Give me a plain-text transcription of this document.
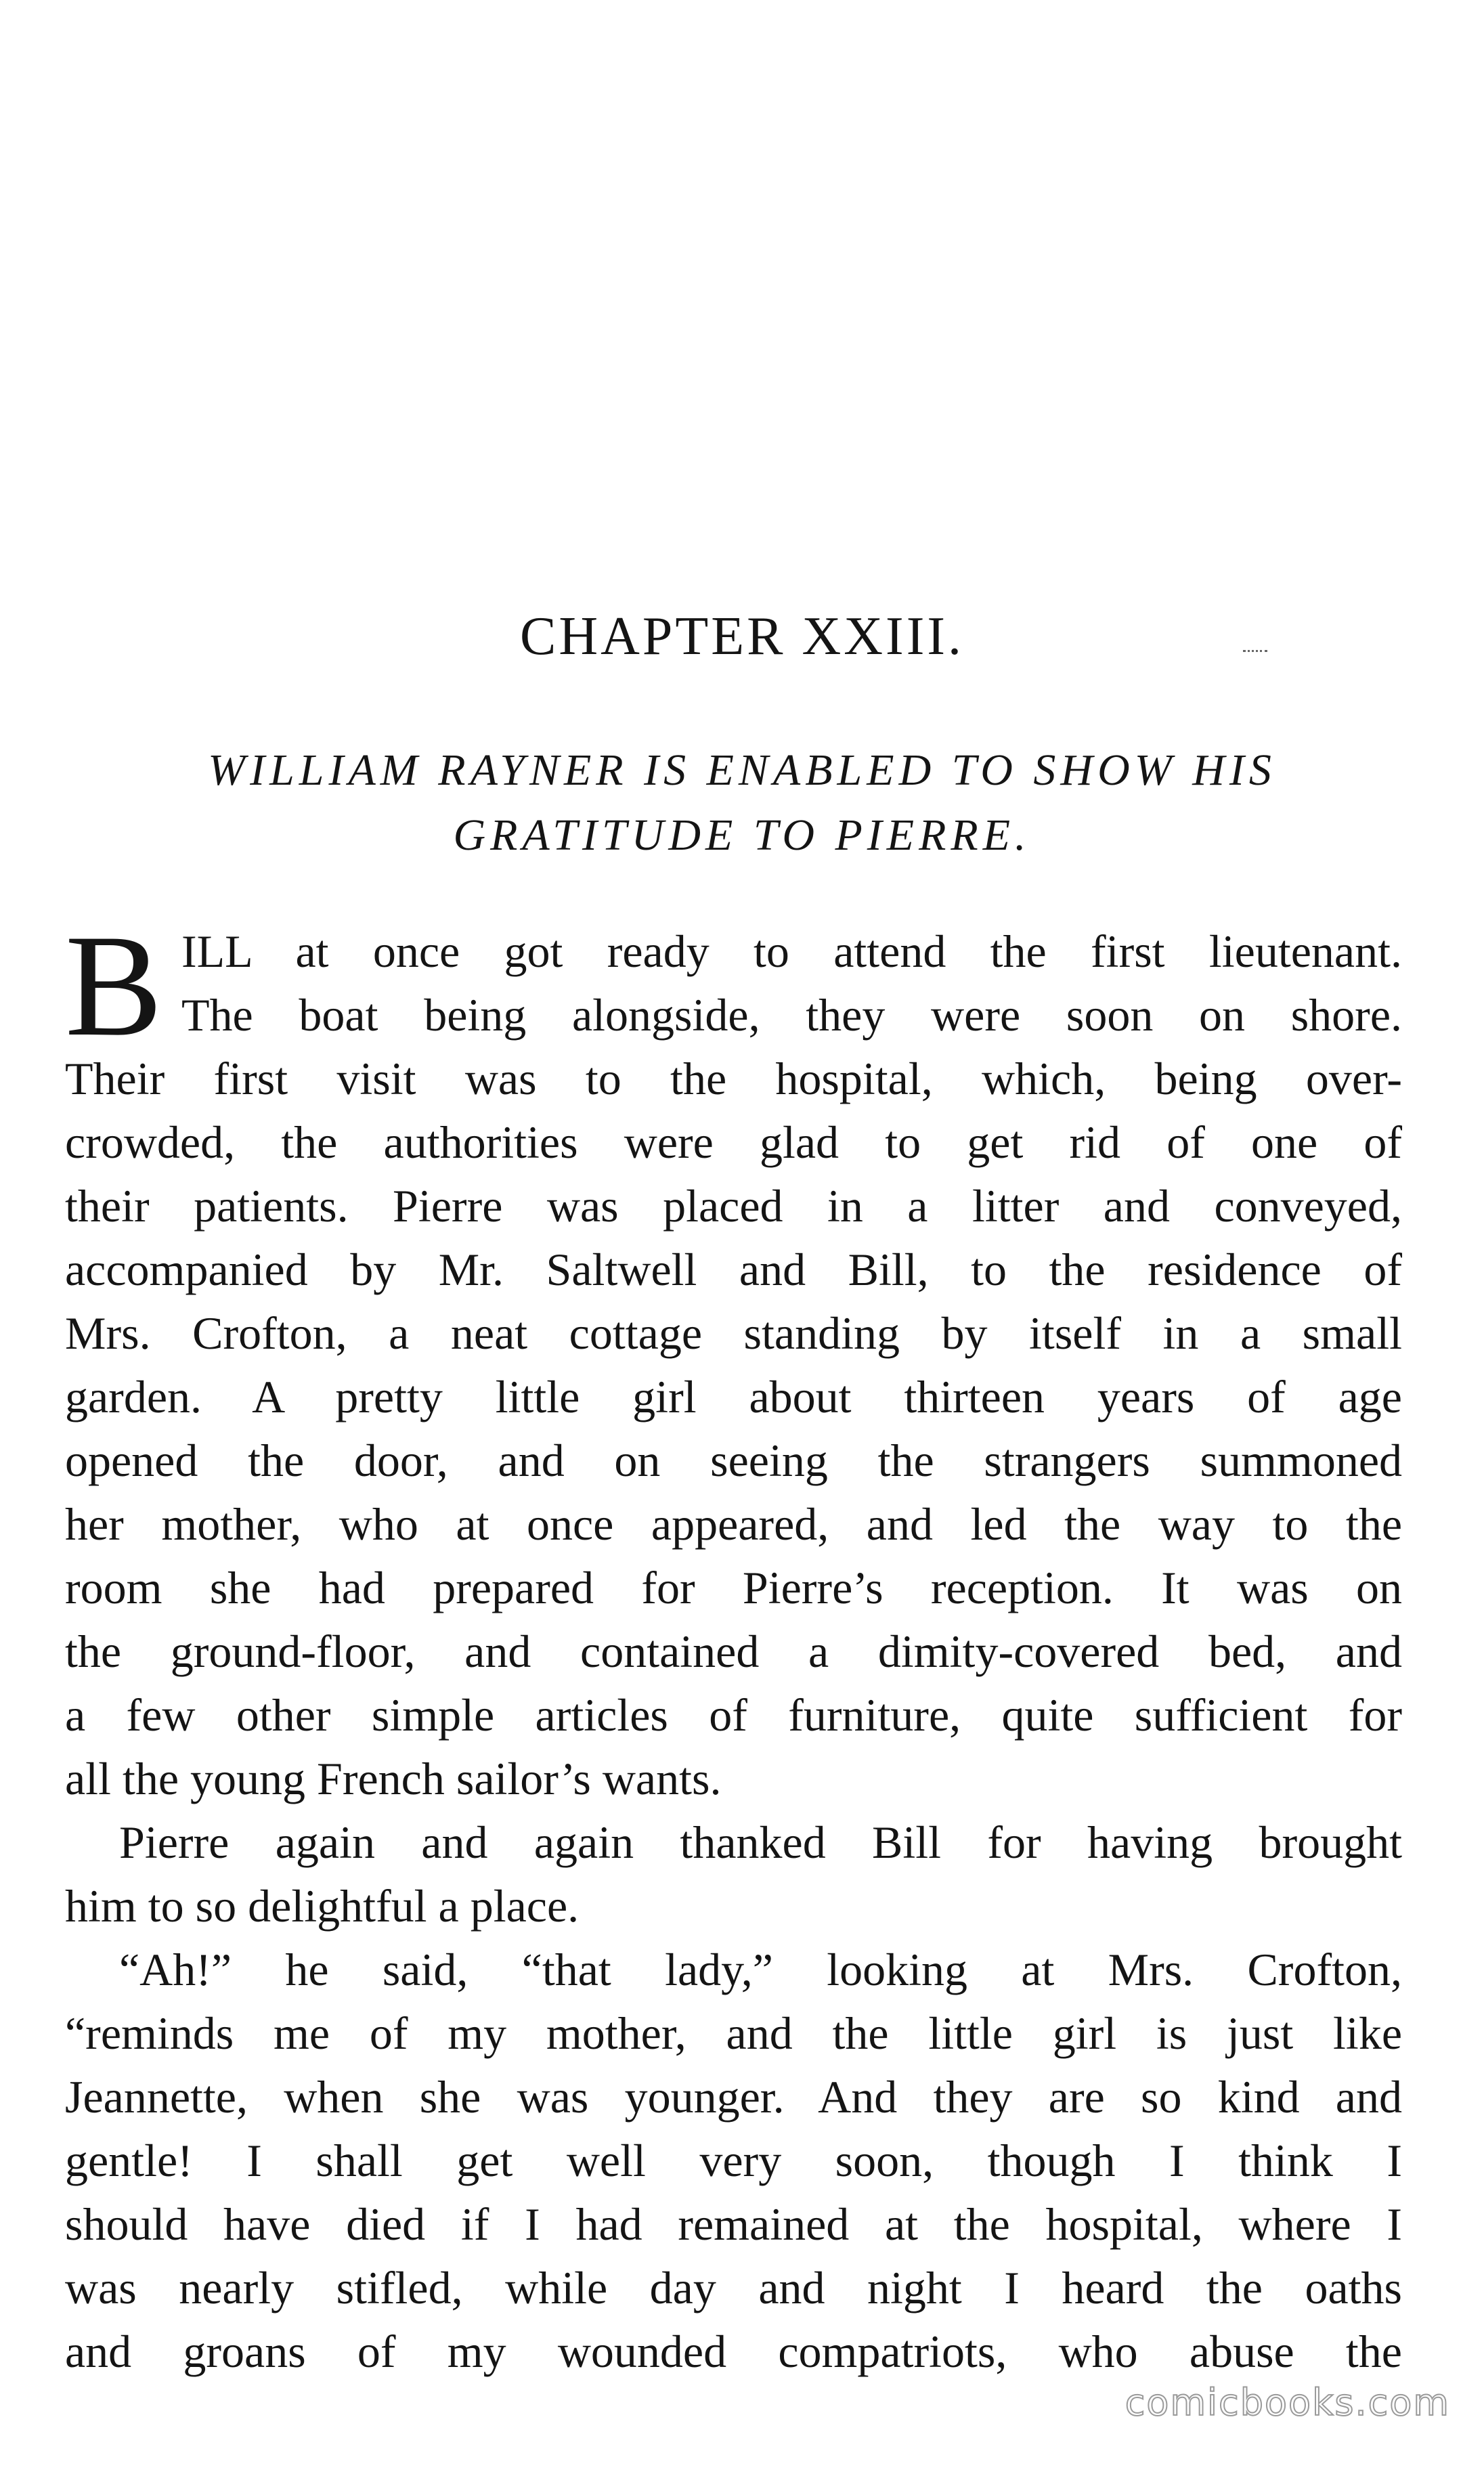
CHAPTER XXIII.
WILLIAM RAYNER IS ENABLED TO SHOW HIS
GRATITUDE TO PIERRE.
B ILL at once got ready to attend the first lieutenant.
The boat being alongside, they were soon on shore.
Their first visit was to the hospital, which, being over-
crowded, the authorities were glad to get rid of one of
their patients. Pierre was placed in a litter and conveyed,
accompanied by Mr. Saltwell and Bill, to the residence of
Mrs. Crofton, a neat cottage standing by itself in a small
garden. A pretty little girl about thirteen years of age
opened the door, and on seeing the strangers summoned
her mother, who at once appeared, and led the way to the
room she had prepared for Pierre’s reception. It was on
the ground-floor, and contained a dimity-covered bed, and
a few other simple articles of furniture, quite sufficient for
all the young French sailor’s wants.
Pierre again and again thanked Bill for having brought
him to so delightful a place.
“Ah!” he said, “that lady,” looking at Mrs. Crofton,
“reminds me of my mother, and the little girl is just like
Jeannette, when she was younger. And they are so kind and
gentle! I shall get well very soon, though I think I
should have died if I had remained at the hospital, where I
was nearly stifled, while day and night I heard the oaths
and groans of my wounded compatriots, who abuse the
comicbooks.com
